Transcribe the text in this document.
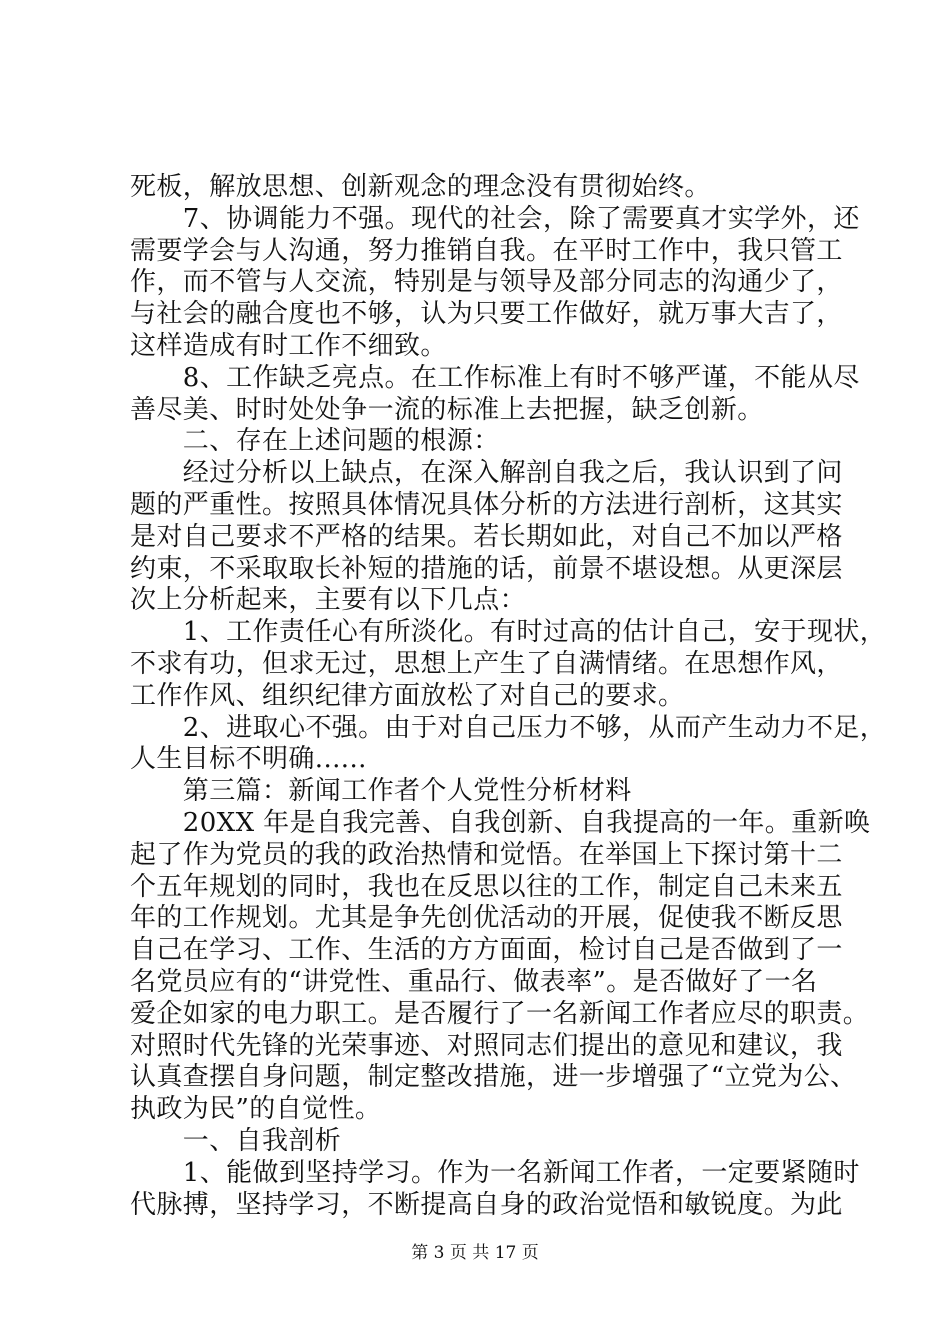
死板，解放思想、创新观念的理念没有贯彻始终。
　　7、协调能力不强。现代的社会，除了需要真才实学外，还
需要学会与人沟通，努力推销自我。在平时工作中，我只管工
作，而不管与人交流，特别是与领导及部分同志的沟通少了，
与社会的融合度也不够，认为只要工作做好，就万事大吉了，
这样造成有时工作不细致。
　　8、工作缺乏亮点。在工作标准上有时不够严谨，不能从尽
善尽美、时时处处争一流的标准上去把握，缺乏创新。
　　二、存在上述问题的根源：
　　经过分析以上缺点，在深入解剖自我之后，我认识到了问
题的严重性。按照具体情况具体分析的方法进行剖析，这其实
是对自己要求不严格的结果。若长期如此，对自己不加以严格
约束，不采取取长补短的措施的话，前景不堪设想。从更深层
次上分析起来，主要有以下几点：
　　1、工作责任心有所淡化。有时过高的估计自己，安于现状，
不求有功，但求无过，思想上产生了自满情绪。在思想作风，
工作作风、组织纪律方面放松了对自己的要求。
　　2、进取心不强。由于对自己压力不够，从而产生动力不足，
人生目标不明确......
　　第三篇：新闻工作者个人党性分析材料
　　20XX 年是自我完善、自我创新、自我提高的一年。重新唤
起了作为党员的我的政治热情和觉悟。在举国上下探讨第十二
个五年规划的同时，我也在反思以往的工作，制定自己未来五
年的工作规划。尤其是争先创优活动的开展，促使我不断反思
自己在学习、工作、生活的方方面面，检讨自己是否做到了一
名党员应有的“讲党性、重品行、做表率”。是否做好了一名
爱企如家的电力职工。是否履行了一名新闻工作者应尽的职责。
对照时代先锋的光荣事迹、对照同志们提出的意见和建议，我
认真查摆自身问题，制定整改措施，进一步增强了“立党为公、
执政为民”的自觉性。
　　一、自我剖析
　　1、能做到坚持学习。作为一名新闻工作者，一定要紧随时
代脉搏，坚持学习，不断提高自身的政治觉悟和敏锐度。为此
第 3 页 共 17 页
